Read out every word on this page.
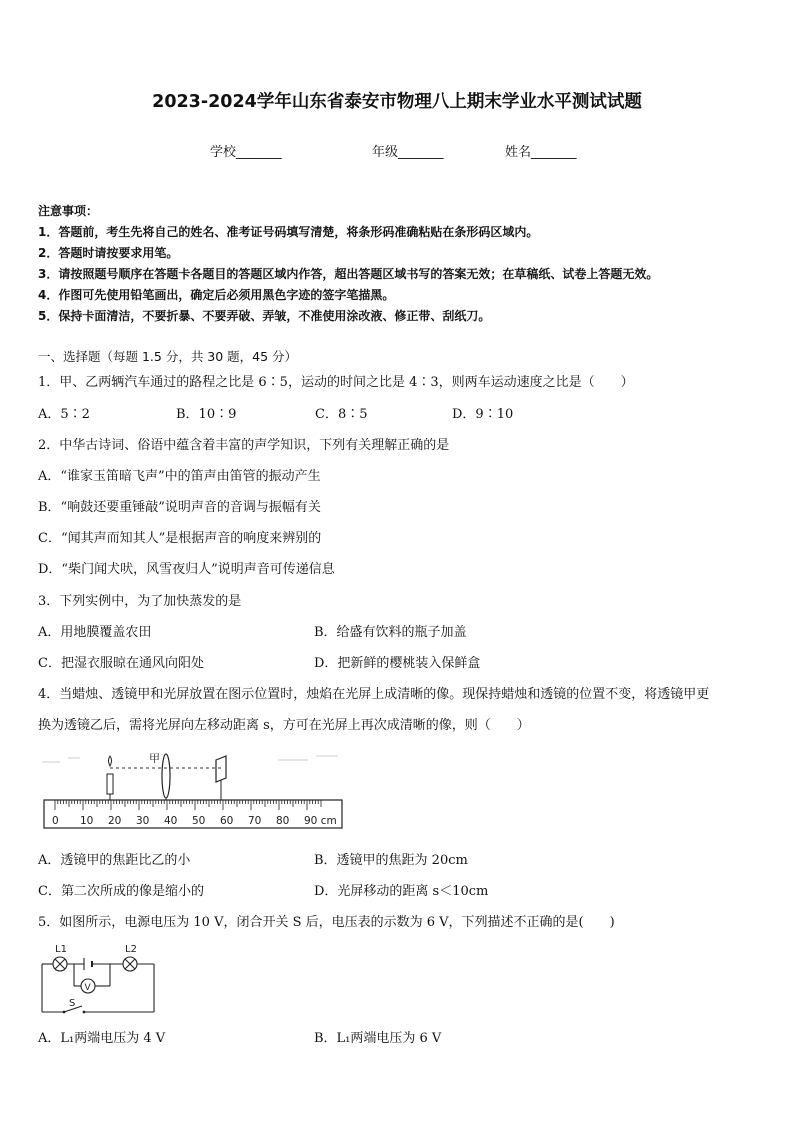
2023-2024学年山东省泰安市物理八上期末学业水平测试试题
学校_______	年级_______	姓名_______
注意事项：
1．答题前，考生先将自己的姓名、准考证号码填写清楚，将条形码准确粘贴在条形码区域内。
2．答题时请按要求用笔。
3．请按照题号顺序在答题卡各题目的答题区域内作答，超出答题区域书写的答案无效；在草稿纸、试卷上答题无效。
4．作图可先使用铅笔画出，确定后必须用黑色字迹的签字笔描黑。
5．保持卡面清洁，不要折暴、不要弄破、弄皱，不准使用涂改液、修正带、刮纸刀。
一、选择题（每题 1.5 分，共 30 题，45 分）
1．甲、乙两辆汽车通过的路程之比是 6∶5，运动的时间之比是 4∶3，则两车运动速度之比是（　　）
A．5∶2	B．10∶9	C．8∶5	D．9∶10
2．中华古诗词、俗语中蕴含着丰富的声学知识，下列有关理解正确的是
A．“谁家玉笛暗飞声”中的笛声由笛管的振动产生
B．“响鼓还要重锤敲”说明声音的音调与振幅有关
C．“闻其声而知其人”是根据声音的响度来辨别的
D．“柴门闻犬吠，风雪夜归人”说明声音可传递信息
3．下列实例中，为了加快蒸发的是
A．用地膜覆盖农田	B．给盛有饮料的瓶子加盖
C．把湿衣服晾在通风向阳处	D．把新鲜的樱桃装入保鲜盒
4．当蜡烛、透镜甲和光屏放置在图示位置时，烛焰在光屏上成清晰的像。现保持蜡烛和透镜的位置不变，将透镜甲更
换为透镜乙后，需将光屏向左移动距离 s，方可在光屏上再次成清晰的像，则（　　）
甲
0 10 20 30 40 50 60 70 80 90 cm
A．透镜甲的焦距比乙的小	B．透镜甲的焦距为 20cm
C．第二次所成的像是缩小的	D．光屏移动的距离 s＜10cm
5．如图所示，电源电压为 10 V，闭合开关 S 后，电压表的示数为 6 V，下列描述不正确的是(　　)
L1	L2
V
S
A．L₁两端电压为 4 V	B．L₁两端电压为 6 V
